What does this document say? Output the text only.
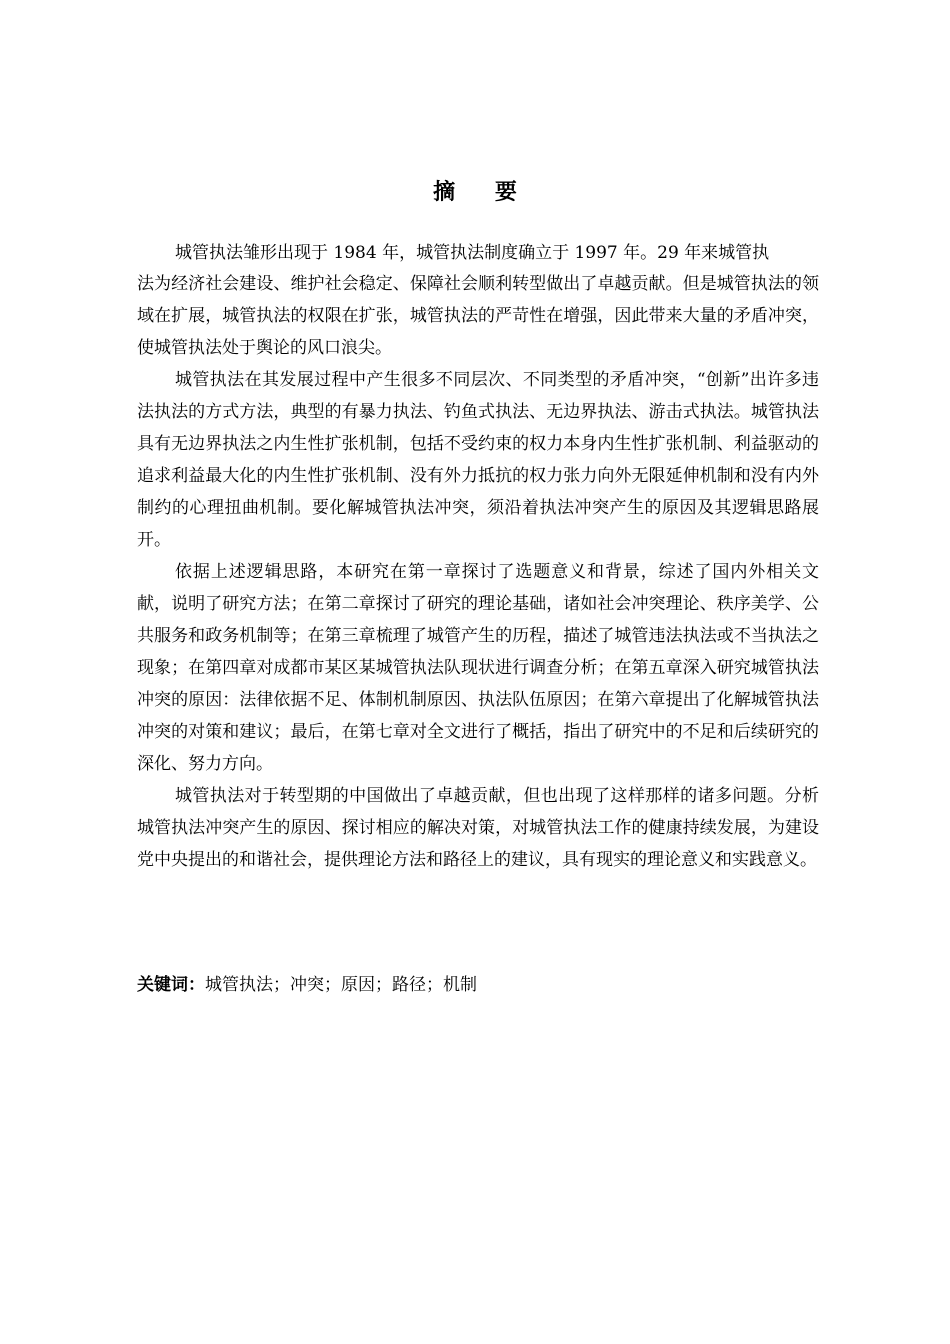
摘 要

城管执法雏形出现于 1984 年，城管执法制度确立于 1997 年。29 年来城管执

法为经济社会建设、维护社会稳定、保障社会顺利转型做出了卓越贡献。但是城管执法的领域在扩展，城管执法的权限在扩张，城管执法的严苛性在增强，因此带来大量的矛盾冲突，使城管执法处于舆论的风口浪尖。

城管执法在其发展过程中产生很多不同层次、不同类型的矛盾冲突，“创新”出许多违法执法的方式方法，典型的有暴力执法、钓鱼式执法、无边界执法、游击式执法。城管执法具有无边界执法之内生性扩张机制，包括不受约束的权力本身内生性扩张机制、利益驱动的追求利益最大化的内生性扩张机制、没有外力抵抗的权力张力向外无限延伸机制和没有内外制约的心理扭曲机制。要化解城管执法冲突，须沿着执法冲突产生的原因及其逻辑思路展开。

依据上述逻辑思路，本研究在第一章探讨了选题意义和背景，综述了国内外相关文献，说明了研究方法；在第二章探讨了研究的理论基础，诸如社会冲突理论、秩序美学、公共服务和政务机制等；在第三章梳理了城管产生的历程，描述了城管违法执法或不当执法之现象；在第四章对成都市某区某城管执法队现状进行调查分析；在第五章深入研究城管执法冲突的原因：法律依据不足、体制机制原因、执法队伍原因；在第六章提出了化解城管执法冲突的对策和建议；最后，在第七章对全文进行了概括，指出了研究中的不足和后续研究的深化、努力方向。

城管执法对于转型期的中国做出了卓越贡献，但也出现了这样那样的诸多问题。分析城管执法冲突产生的原因、探讨相应的解决对策，对城管执法工作的健康持续发展，为建设党中央提出的和谐社会，提供理论方法和路径上的建议，具有现实的理论意义和实践意义。

关键词：城管执法；冲突；原因；路径；机制
